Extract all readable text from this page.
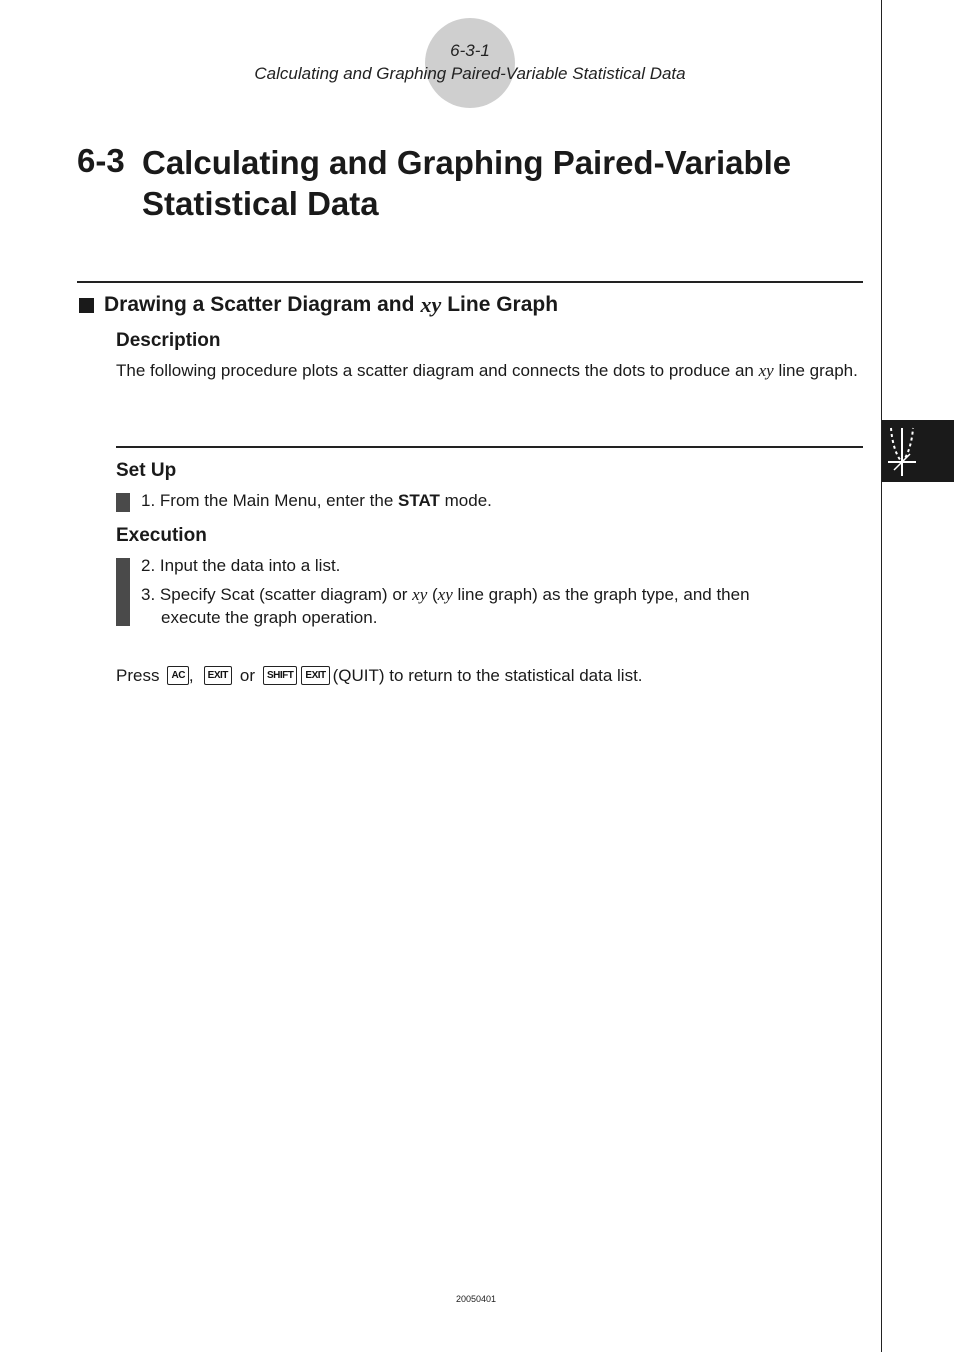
6-3-1
Calculating and Graphing Paired-Variable Statistical Data
6-3 Calculating and Graphing Paired-Variable Statistical Data
Drawing a Scatter Diagram and xy Line Graph
Description
The following procedure plots a scatter diagram and connects the dots to produce an xy line graph.
Set Up
1. From the Main Menu, enter the STAT mode.
Execution
2. Input the data into a list.
3. Specify Scat (scatter diagram) or xy (xy line graph) as the graph type, and then
execute the graph operation.
Press	AC ,	EXIT or	SHIFT	EXIT (QUIT) to return to the statistical data list.
20050401
